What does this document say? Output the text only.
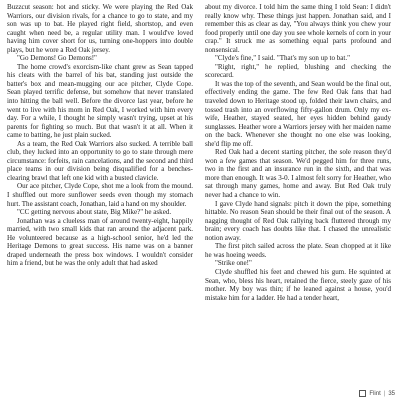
Buzzcut season: hot and sticky. We were playing the Red Oak Warriors, our division rivals, for a chance to go to state, and my son was up to bat. He played right field, shortstop, and even caught when need be, a regular utility man. I would've loved having him cover short for us, turning one-hoppers into double plays, but he wore a Red Oak jersey.

"Go Demons! Go Demons!"

The home crowd's exorcism-like chant grew as Sean tapped his cleats with the barrel of his bat, standing just outside the batter's box and mean-mugging our ace pitcher, Clyde Cope. Sean played terrific defense, but somehow that never translated into hitting the ball well. Before the divorce last year, before he went to live with his mom in Red Oak, I worked with him every day. For a while, I thought he simply wasn't trying, upset at his parents for fighting so much. But that wasn't it at all. When it came to batting, he just plain sucked.

As a team, the Red Oak Warriors also sucked. A terrible ball club, they lucked into an opportunity to go to state through mere circumstance: forfeits, rain cancelations, and the second and third place teams in our division being disqualified for a benches-clearing brawl that left one kid with a busted clavicle.

Our ace pitcher, Clyde Cope, shot me a look from the mound. I shuffled out more sunflower seeds even though my stomach hurt. The assistant coach, Jonathan, laid a hand on my shoulder.

"CC getting nervous about state, Big Mike?" he asked.

Jonathan was a clueless man of around twenty-eight, happily married, with two small kids that ran around the adjacent park. He volunteered because as a high-school senior, he'd led the Heritage Demons to great success. His name was on a banner draped underneath the press box windows. I wouldn't consider him a friend, but he was the only adult that had asked

about my divorce. I told him the same thing I told Sean: I didn't really know why. These things just happen. Jonathan said, and I remember this as clear as day, "You always think you chew your food properly until one day you see whole kernels of corn in your crap." It struck me as something equal parts profound and nonsensical.

"Clyde's fine," I said. "That's my son up to bat."

"Right, right," he replied, blushing and checking the scorecard.

It was the top of the seventh, and Sean would be the final out, effectively ending the game. The few Red Oak fans that had traveled down to Heritage stood up, folded their lawn chairs, and tossed trash into an overflowing fifty-gallon drum. Only my ex-wife, Heather, stayed seated, her eyes hidden behind gaudy sunglasses. Heather wore a Warriors jersey with her maiden name on the back. Whenever she thought no one else was looking, she'd flip me off.

Red Oak had a decent starting pitcher, the sole reason they'd won a few games that season. We'd pegged him for three runs, two in the first and an insurance run in the sixth, and that was more than enough. It was 3-0. I almost felt sorry for Heather, who sat through many games, home and away. But Red Oak truly never had a chance to win.

I gave Clyde hand signals: pitch it down the pipe, something hittable. No reason Sean should be their final out of the season. A nagging thought of Red Oak rallying back fluttered through my brain; every coach has doubts like that. I chased the unrealistic notion away.

The first pitch sailed across the plate. Sean chopped at it like he was hoeing weeds.

"Strike one!"

Clyde shuffled his feet and chewed his gum. He squinted at Sean, who, bless his heart, retained the fierce, steely gaze of his mother. My boy was thin; if he leaned against a house, you'd mistake him for a ladder. He had a tender heart,

Flint | 35
